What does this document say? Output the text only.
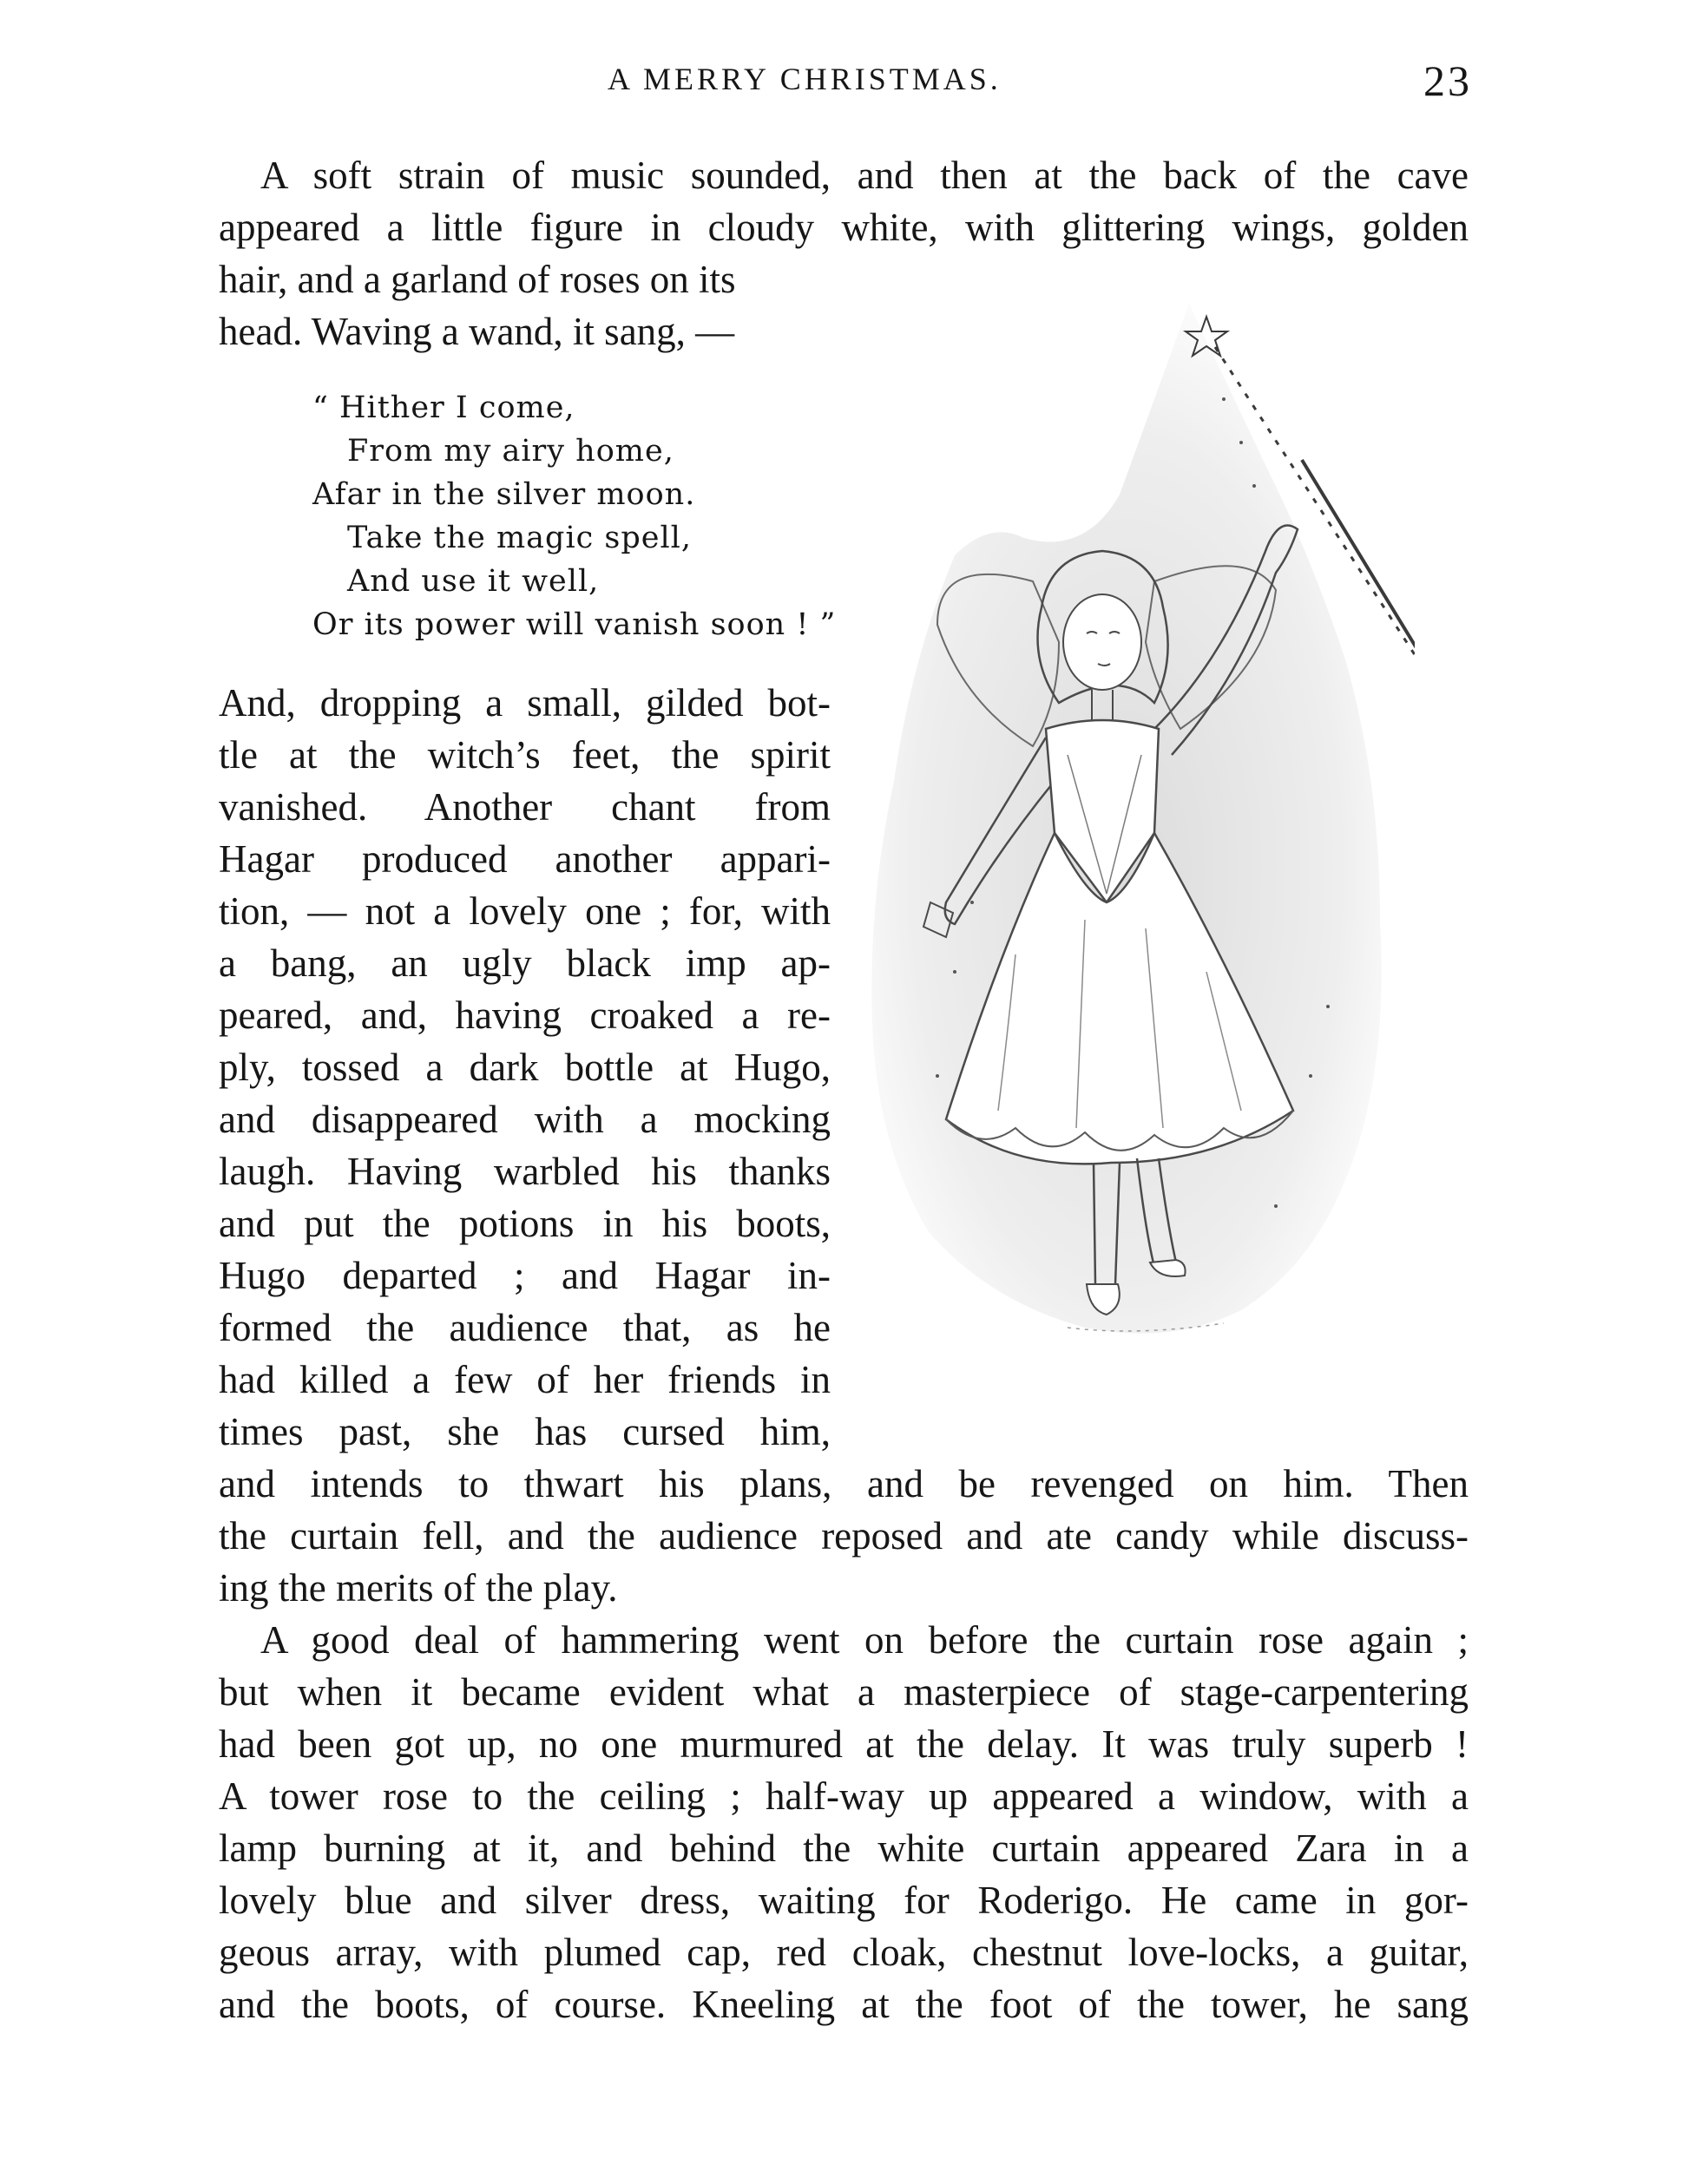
A MERRY CHRISTMAS.	23
A soft strain of music sounded, and then at the back of the cave
appeared a little figure in cloudy white, with glittering wings, golden
hair, and a garland of roses on its
head. Waving a wand, it sang, —
“ Hither I come,
From my airy home,
Afar in the silver moon.
Take the magic spell,
And use it well,
Or its power will vanish soon ! ”
And, dropping a small, gilded bot-
tle at the witch’s feet, the spirit
vanished. Another chant from
Hagar produced another appari-
tion, — not a lovely one ; for, with
a bang, an ugly black imp ap-
peared, and, having croaked a re-
ply, tossed a dark bottle at Hugo,
and disappeared with a mocking
laugh. Having warbled his thanks
and put the potions in his boots,
Hugo departed ; and Hagar in-
formed the audience that, as he
had killed a few of her friends in
times past, she has cursed him,
and intends to thwart his plans, and be revenged on him. Then
the curtain fell, and the audience reposed and ate candy while discuss-
ing the merits of the play.
A good deal of hammering went on before the curtain rose again ;
but when it became evident what a masterpiece of stage-carpentering
had been got up, no one murmured at the delay. It was truly superb !
A tower rose to the ceiling ; half-way up appeared a window, with a
lamp burning at it, and behind the white curtain appeared Zara in a
lovely blue and silver dress, waiting for Roderigo. He came in gor-
geous array, with plumed cap, red cloak, chestnut love-locks, a guitar,
and the boots, of course. Kneeling at the foot of the tower, he sang
